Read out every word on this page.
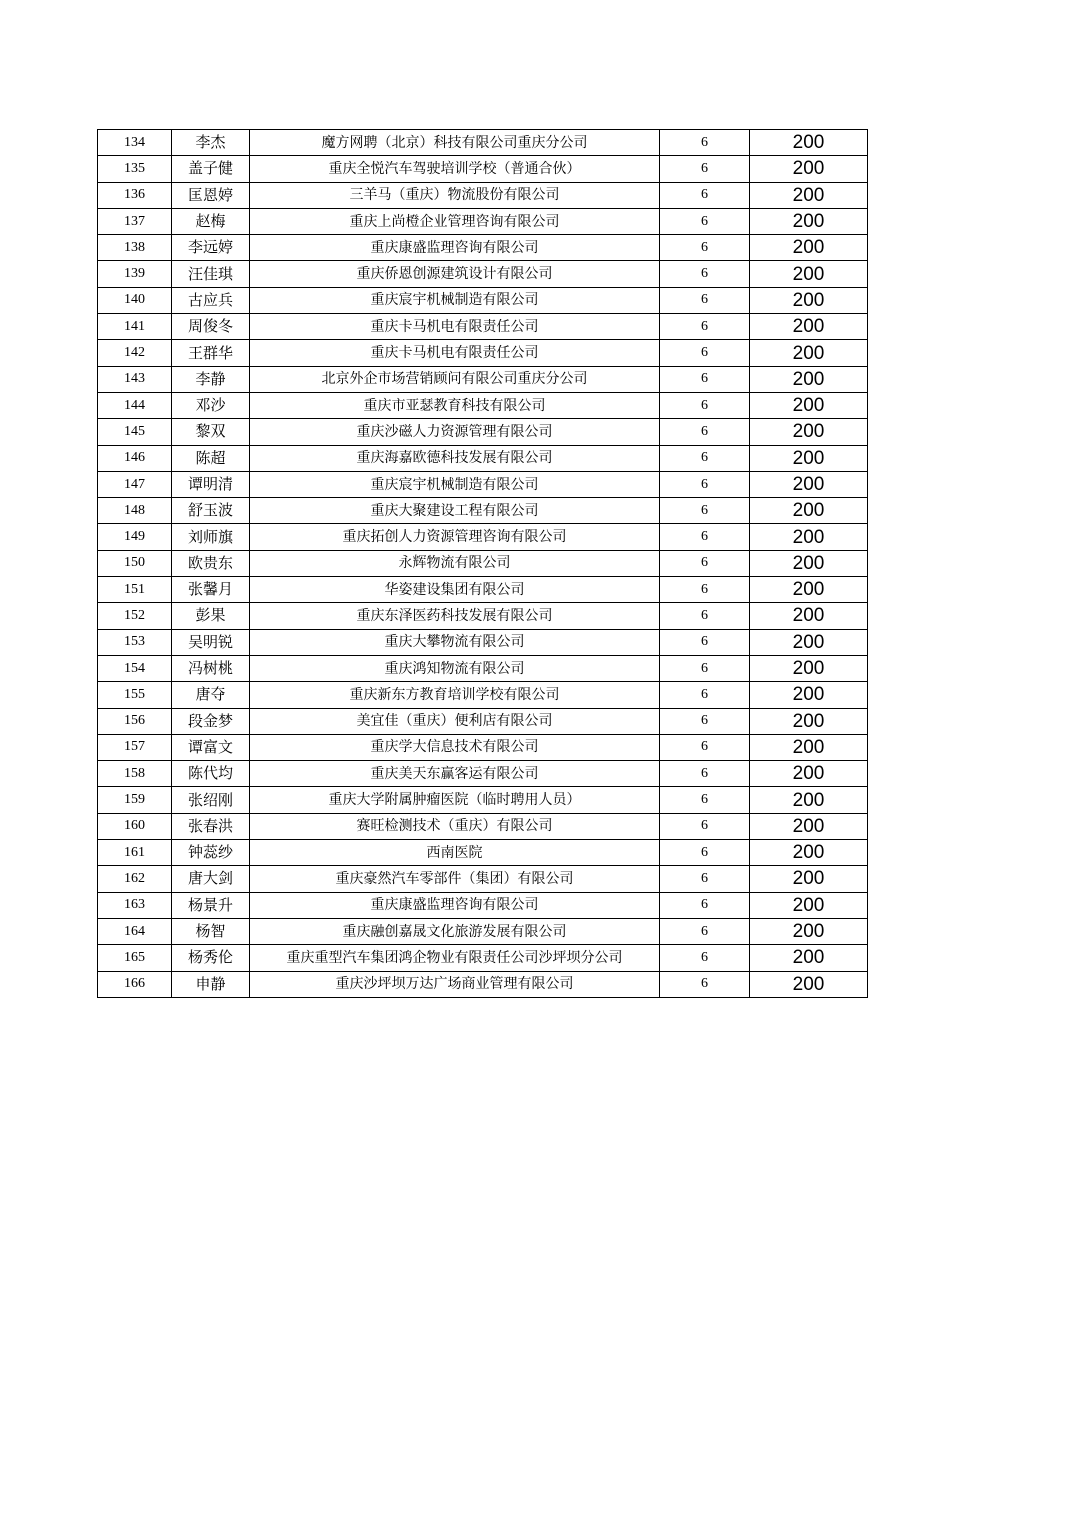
134	李杰	魔方网聘（北京）科技有限公司重庆分公司	6	200
135	盖子健	重庆全悦汽车驾驶培训学校（普通合伙）	6	200
136	匡恩婷	三羊马（重庆）物流股份有限公司	6	200
137	赵梅	重庆上尚橙企业管理咨询有限公司	6	200
138	李远婷	重庆康盛监理咨询有限公司	6	200
139	汪佳琪	重庆侨恩创源建筑设计有限公司	6	200
140	古应兵	重庆宸宇机械制造有限公司	6	200
141	周俊冬	重庆卡马机电有限责任公司	6	200
142	王群华	重庆卡马机电有限责任公司	6	200
143	李静	北京外企市场营销顾问有限公司重庆分公司	6	200
144	邓沙	重庆市亚瑟教育科技有限公司	6	200
145	黎双	重庆沙磁人力资源管理有限公司	6	200
146	陈超	重庆海嘉欧德科技发展有限公司	6	200
147	谭明清	重庆宸宇机械制造有限公司	6	200
148	舒玉波	重庆大聚建设工程有限公司	6	200
149	刘师旗	重庆拓创人力资源管理咨询有限公司	6	200
150	欧贵东	永辉物流有限公司	6	200
151	张馨月	华姿建设集团有限公司	6	200
152	彭果	重庆东泽医药科技发展有限公司	6	200
153	吴明锐	重庆大攀物流有限公司	6	200
154	冯树桃	重庆鸿知物流有限公司	6	200
155	唐夺	重庆新东方教育培训学校有限公司	6	200
156	段金梦	美宜佳（重庆）便利店有限公司	6	200
157	谭富文	重庆学大信息技术有限公司	6	200
158	陈代均	重庆美天东赢客运有限公司	6	200
159	张绍刚	重庆大学附属肿瘤医院（临时聘用人员）	6	200
160	张春洪	赛旺检测技术（重庆）有限公司	6	200
161	钟蕊纱	西南医院	6	200
162	唐大剑	重庆豪然汽车零部件（集团）有限公司	6	200
163	杨景升	重庆康盛监理咨询有限公司	6	200
164	杨智	重庆融创嘉晟文化旅游发展有限公司	6	200
165	杨秀伦	重庆重型汽车集团鸿企物业有限责任公司沙坪坝分公司	6	200
166	申静	重庆沙坪坝万达广场商业管理有限公司	6	200
